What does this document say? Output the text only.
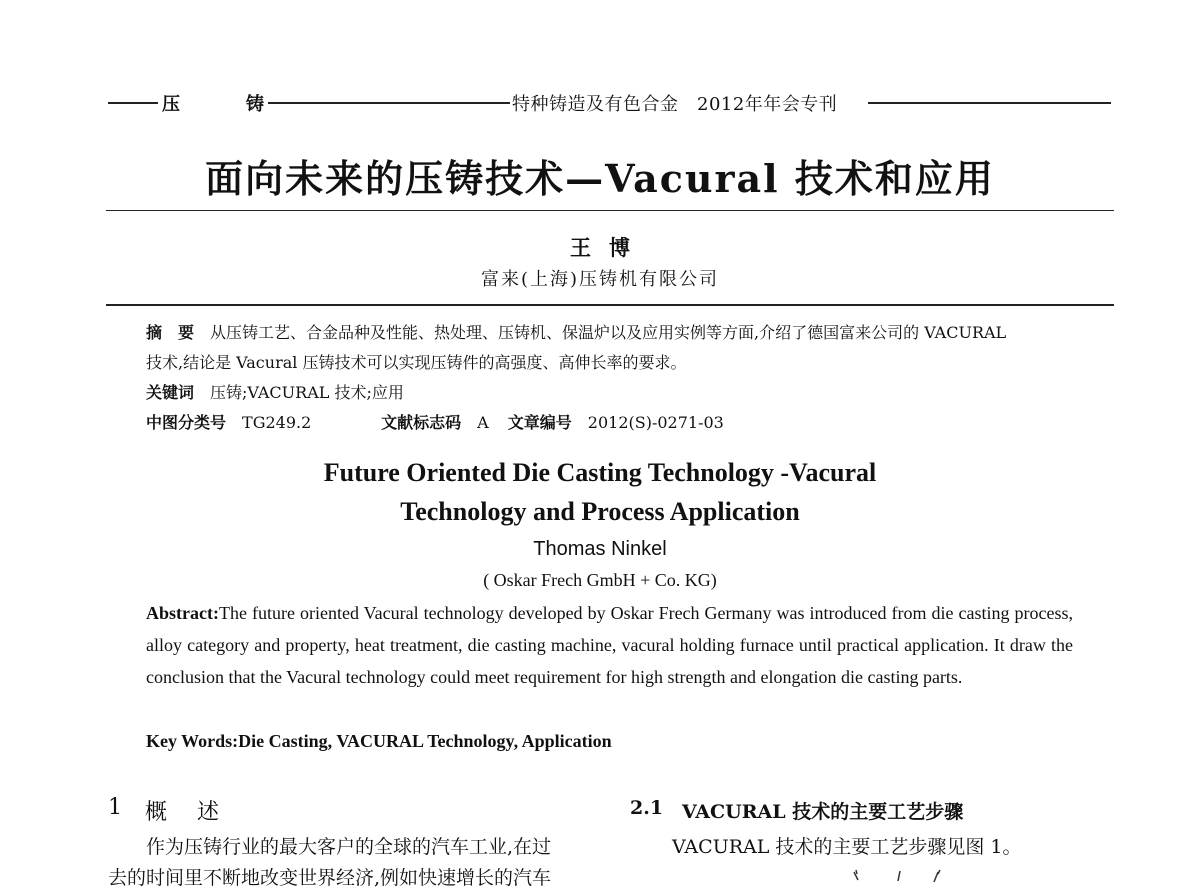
压	铸	特种铸造及有色合金　2012年年会专刊
面向未来的压铸技术—Vacural 技术和应用
王博
富来(上海)压铸机有限公司
摘　要 从压铸工艺、合金品种及性能、热处理、压铸机、保温炉以及应用实例等方面,介绍了德国富来公司的 VACURAL
技术,结论是 Vacural 压铸技术可以实现压铸件的高强度、高伸长率的要求。
关键词 压铸;VACURAL 技术;应用
中图分类号 TG249.2	文献标志码 A 文章编号 2012(S)-0271-03
Future Oriented Die Casting Technology -Vacural
Technology and Process Application
Thomas Ninkel
( Oskar Frech GmbH + Co. KG)
Abstract:The future oriented Vacural technology developed by Oskar Frech Germany was introduced from die casting process, alloy category and property, heat treatment, die casting machine, vacural holding furnace until practical application. It draw the conclusion that the Vacural technology could meet requirement for high strength and elongation die casting parts.
Key Words:Die Casting, VACURAL Technology, Application
1 概　述
作为压铸行业的最大客户的全球的汽车工业,在过
去的时间里不断地改变世界经济,例如快速增长的汽车
2.1 VACURAL 技术的主要工艺步骤
VACURAL 技术的主要工艺步骤见图 1。
